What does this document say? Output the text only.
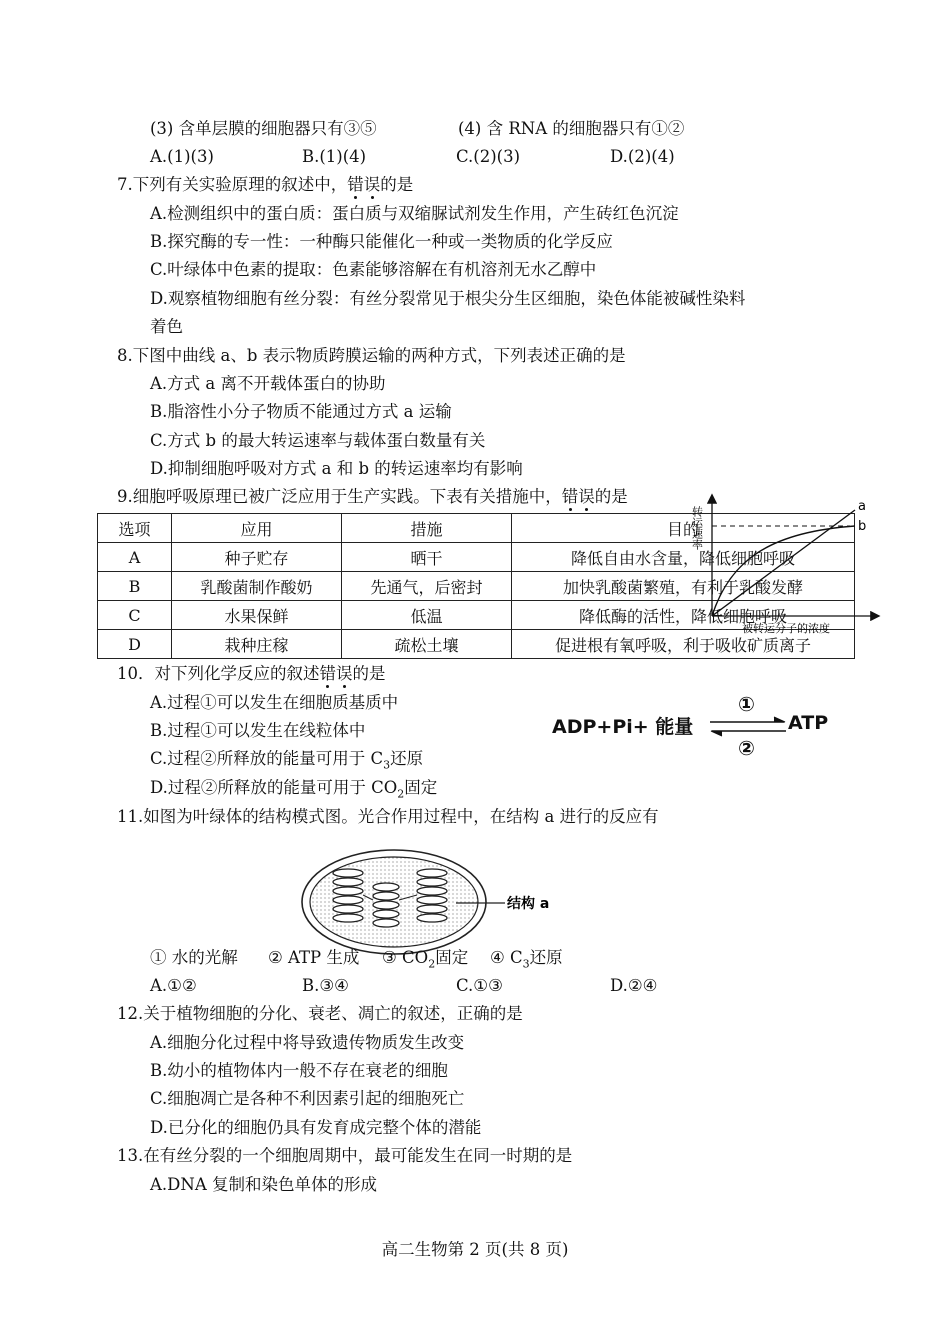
(3) 含单层膜的细胞器只有③⑤	(4) 含 RNA 的细胞器只有①②
A.(1)(3)	B.(1)(4)	C.(2)(3)	D.(2)(4)
7.下列有关实验原理的叙述中，错误的是
A.检测组织中的蛋白质：蛋白质与双缩脲试剂发生作用，产生砖红色沉淀
B.探究酶的专一性：一种酶只能催化一种或一类物质的化学反应
C.叶绿体中色素的提取：色素能够溶解在有机溶剂无水乙醇中
D.观察植物细胞有丝分裂：有丝分裂常见于根尖分生区细胞，染色体能被碱性染料
着色
8.下图中曲线 a、b 表示物质跨膜运输的两种方式，下列表述正确的是
A.方式 a 离不开载体蛋白的协助
B.脂溶性小分子物质不能通过方式 a 运输
C.方式 b 的最大转运速率与载体蛋白数量有关
D.抑制细胞呼吸对方式 a 和 b 的转运速率均有影响
9.细胞呼吸原理已被广泛应用于生产实践。下表有关措施中，错误的是
选项	应用	措施	目的
A	种子贮存	晒干	降低自由水含量，降低细胞呼吸
B	乳酸菌制作酸奶	先通气，后密封	加快乳酸菌繁殖，有利于乳酸发酵
C	水果保鲜	低温	降低酶的活性，降低细胞呼吸
D	栽种庄稼	疏松土壤	促进根有氧呼吸，利于吸收矿质离子
a
b
转运速率
被转运分子的浓度
10．对下列化学反应的叙述错误的是
A.过程①可以发生在细胞质基质中
B.过程①可以发生在线粒体中
C.过程②所释放的能量可用于 $C_3$还原
D.过程②所释放的能量可用于 $CO_2$固定
ADP+Pi+ 能量
①
ATP
②
11.如图为叶绿体的结构模式图。光合作用过程中，在结构 a 进行的反应有
结构 a
① 水的光解 ② ATP 生成 ③ $CO_2$固定 ④ $C_3$还原
A.①②	B.③④	C.①③	D.②④
12.关于植物细胞的分化、衰老、凋亡的叙述，正确的是
A.细胞分化过程中将导致遗传物质发生改变
B.幼小的植物体内一般不存在衰老的细胞
C.细胞凋亡是各种不利因素引起的细胞死亡
D.已分化的细胞仍具有发育成完整个体的潜能
13.在有丝分裂的一个细胞周期中，最可能发生在同一时期的是
A.DNA 复制和染色单体的形成
高二生物第 2 页(共 8 页)
